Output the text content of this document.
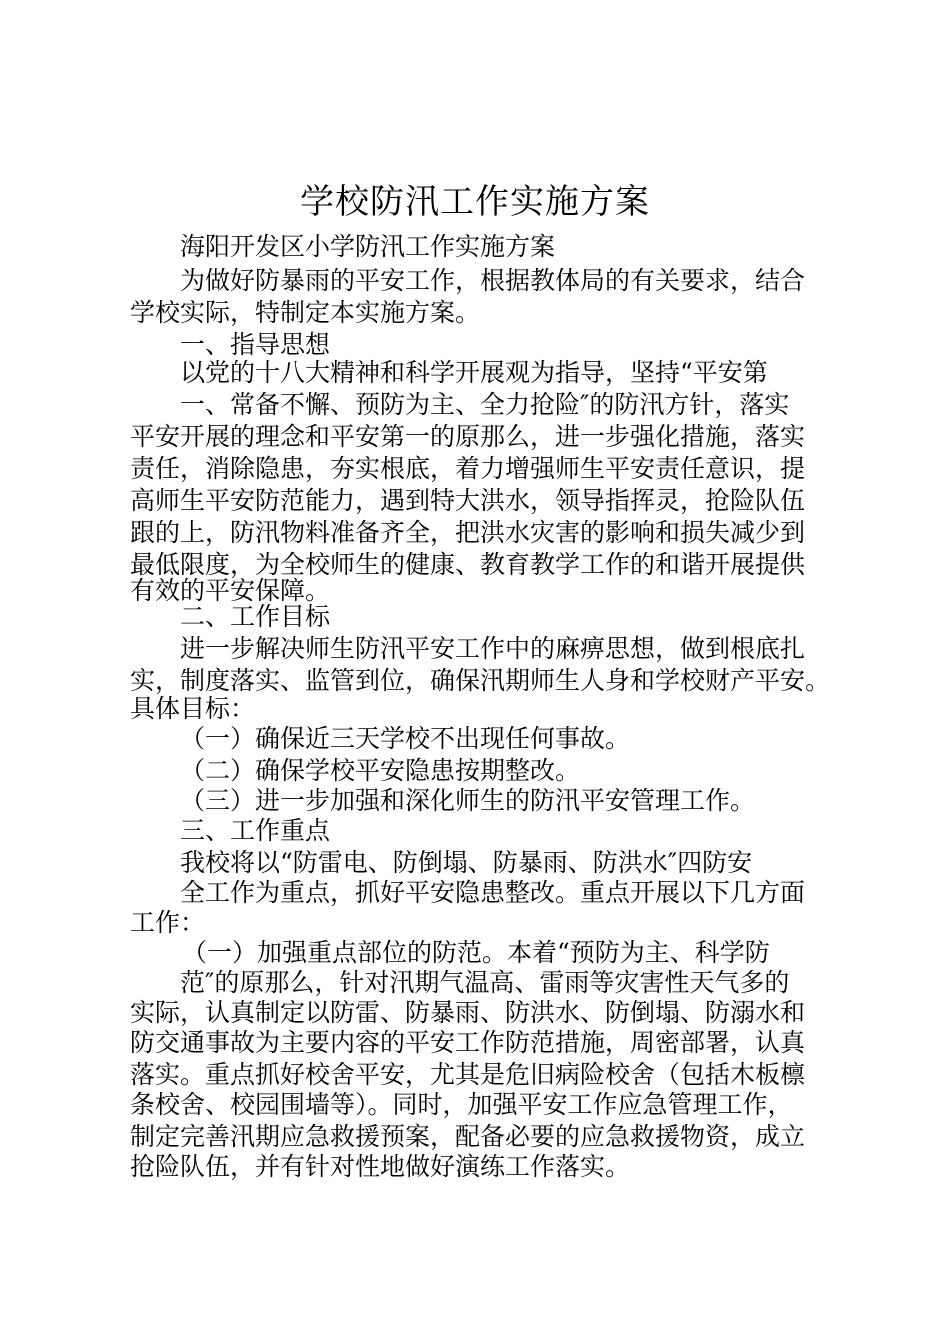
学校防汛工作实施方案
海阳开发区小学防汛工作实施方案
为做好防暴雨的平安工作，根据教体局的有关要求，结合
学校实际，特制定本实施方案。
一、指导思想
以党的十八大精神和科学开展观为指导，坚持“平安第
一、常备不懈、预防为主、全力抢险″的防汛方针，落实
平安开展的理念和平安第一的原那么，进一步强化措施，落实
责任，消除隐患，夯实根底，着力增强师生平安责任意识，提
高师生平安防范能力，遇到特大洪水，领导指挥灵，抢险队伍
跟的上，防汛物料准备齐全，把洪水灾害的影响和损失减少到
最低限度，为全校师生的健康、教育教学工作的和谐开展提供
有效的平安保障。
二、工作目标
进一步解决师生防汛平安工作中的麻痹思想，做到根底扎
实，制度落实、监管到位，确保汛期师生人身和学校财产平安。
具体目标：
（一）确保近三天学校不出现任何事故。
（二）确保学校平安隐患按期整改。
（三）进一步加强和深化师生的防汛平安管理工作。
三、工作重点
我校将以“防雷电、防倒塌、防暴雨、防洪水″四防安
全工作为重点，抓好平安隐患整改。重点开展以下几方面
工作：
（一）加强重点部位的防范。本着“预防为主、科学防
范″的原那么，针对汛期气温高、雷雨等灾害性天气多的
实际，认真制定以防雷、防暴雨、防洪水、防倒塌、防溺水和
防交通事故为主要内容的平安工作防范措施，周密部署，认真
落实。重点抓好校舍平安，尤其是危旧病险校舍（包括木板檩
条校舍、校园围墙等）。同时，加强平安工作应急管理工作，
制定完善汛期应急救援预案，配备必要的应急救援物资，成立
抢险队伍，并有针对性地做好演练工作落实。
